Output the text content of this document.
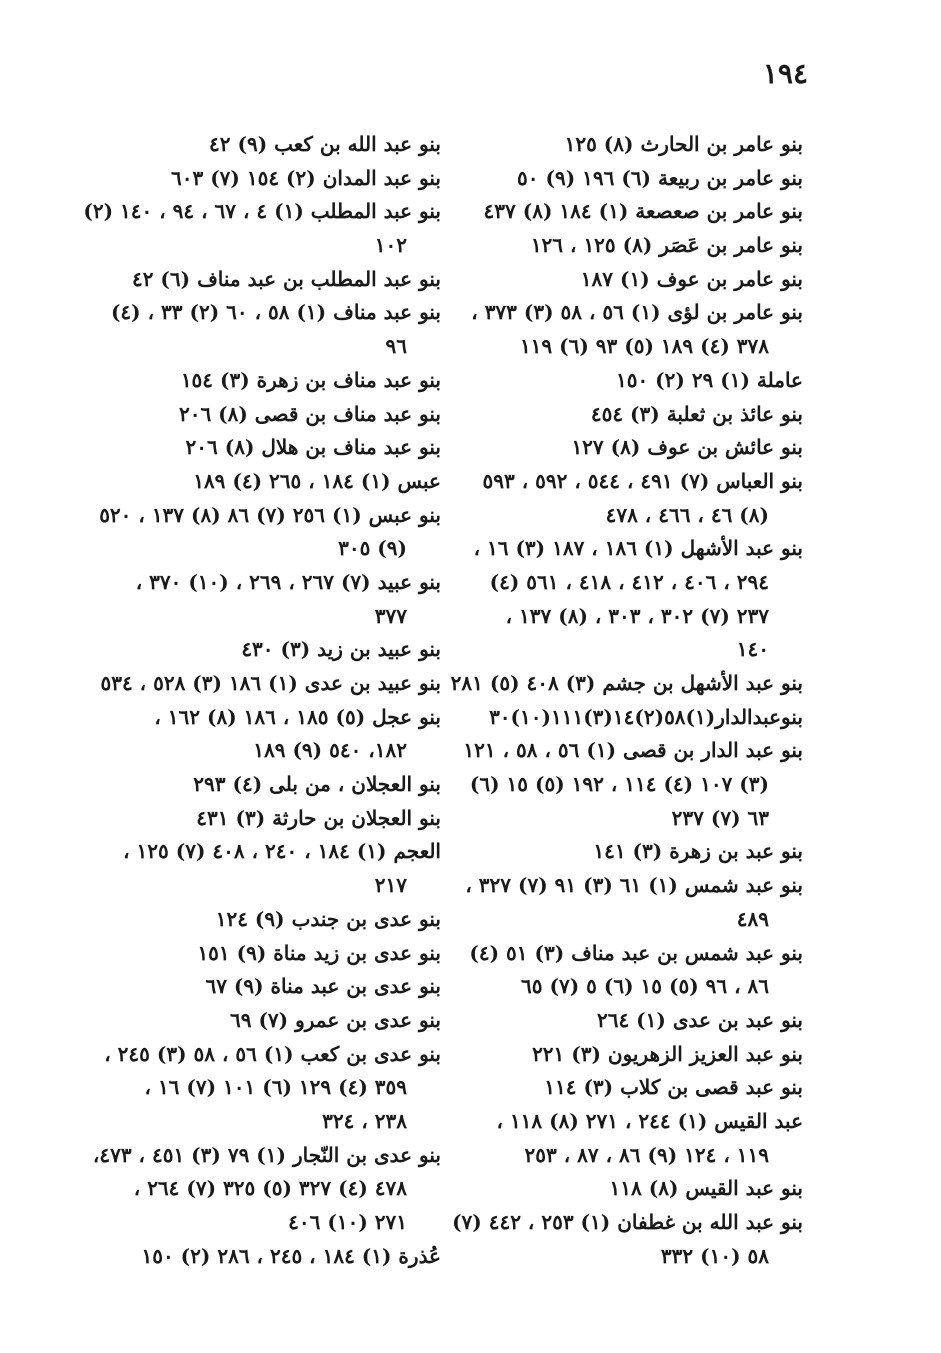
١٩٤
بنو عامر بن الحارث (٨) ١٢٥
بنو عامر بن ربيعة (٦) ١٩٦ (٩) ٥٠
بنو عامر بن صعصعة (١) ١٨٤ (٨) ٤٣٧
بنو عامر بن عَصَر (٨) ١٢٥ ، ١٢٦
بنو عامر بن عوف (١) ١٨٧
بنو عامر بن لؤى (١) ٥٦ ، ٥٨ (٣) ٣٧٣ ،
٣٧٨ (٤) ١٨٩ (٥) ٩٣ (٦) ١١٩
عاملة (١) ٢٩ (٢) ١٥٠
بنو عائذ بن ثعلبة (٣) ٤٥٤
بنو عائش بن عوف (٨) ١٢٧
بنو العباس (٧) ٤٩١ ، ٥٤٤ ، ٥٩٢ ، ٥٩٣
(٨) ٤٦ ، ٤٦٦ ، ٤٧٨
بنو عبد الأشهل (١) ١٨٦ ، ١٨٧ (٣) ١٦ ،
٢٩٤ ، ٤٠٦ ، ٤١٢ ، ٤١٨ ، ٥٦١ (٤)
٢٣٧ (٧) ٣٠٢ ، ٣٠٣ ، (٨) ١٣٧ ،
١٤٠
بنو عبد الأشهل بن جشم (٣) ٤٠٨ (٥) ٢٨١
بنوعبدالدار(١)٥٨(٢)١٤(٣)١١١(١٠)٣٠
بنو عبد الدار بن قصى (١) ٥٦ ، ٥٨ ، ١٢١
(٣) ١٠٧ (٤) ١١٤ ، ١٩٢ (٥) ١٥ (٦)
٦٣ (٧) ٢٣٧
بنو عبد بن زهرة (٣) ١٤١
بنو عبد شمس (١) ٦١ (٣) ٩١ (٧) ٣٢٧ ،
٤٨٩
بنو عبد شمس بن عبد مناف (٣) ٥١ (٤)
٨٦ ، ٩٦ (٥) ١٥ (٦) ٥ (٧) ٦٥
بنو عبد بن عدى (١) ٢٦٤
بنو عبد العزيز الزهريون (٣) ٢٢١
بنو عبد قصى بن كلاب (٣) ١١٤
عبد القيس (١) ٢٤٤ ، ٢٧١ (٨) ١١٨ ،
١١٩ ، ١٢٤ (٩) ٨٦ ، ٨٧ ، ٢٥٣
بنو عبد القيس (٨) ١١٨
بنو عبد الله بن غطفان (١) ٢٥٣ ، ٤٤٢ (٧)
٥٨ (١٠) ٣٣٢
بنو عبد الله بن كعب (٩) ٤٢
بنو عبد المدان (٢) ١٥٤ (٧) ٦٠٣
بنو عبد المطلب (١) ٤ ، ٦٧ ، ٩٤ ، ١٤٠ (٢)
١٠٢
بنو عبد المطلب بن عبد مناف (٦) ٤٢
بنو عبد مناف (١) ٥٨ ، ٦٠ (٢) ٣٣ ، (٤)
٩٦
بنو عبد مناف بن زهرة (٣) ١٥٤
بنو عبد مناف بن قصى (٨) ٢٠٦
بنو عبد مناف بن هلال (٨) ٢٠٦
عبس (١) ١٨٤ ، ٢٦٥ (٤) ١٨٩
بنو عبس (١) ٢٥٦ (٧) ٨٦ (٨) ١٣٧ ، ٥٢٠
(٩) ٣٠٥
بنو عبيد (٧) ٢٦٧ ، ٢٦٩ ، (١٠) ٣٧٠ ،
٣٧٧
بنو عبيد بن زيد (٣) ٤٣٠
بنو عبيد بن عدى (١) ١٨٦ (٣) ٥٢٨ ، ٥٣٤
بنو عجل (٥) ١٨٥ ، ١٨٦ (٨) ١٦٢ ،
١٨٢، ٥٤٠ (٩) ١٨٩
بنو العجلان ، من بلى (٤) ٢٩٣
بنو العجلان بن حارثة (٣) ٤٣١
العجم (١) ١٨٤ ، ٢٤٠ ، ٤٠٨ (٧) ١٢٥ ،
٢١٧
بنو عدى بن جندب (٩) ١٢٤
بنو عدى بن زيد مناة (٩) ١٥١
بنو عدى بن عبد مناة (٩) ٦٧
بنو عدى بن عمرو (٧) ٦٩
بنو عدى بن كعب (١) ٥٦ ، ٥٨ (٣) ٢٤٥ ،
٣٥٩ (٤) ١٢٩ (٦) ١٠١ (٧) ١٦ ،
٢٣٨ ، ٣٢٤
بنو عدى بن النّجار (١) ٧٩ (٣) ٤٥١ ، ٤٧٣،
٤٧٨ (٤) ٣٢٧ (٥) ٣٢٥ (٧) ٢٦٤ ،
٢٧١ (١٠) ٤٠٦
عُذرة (١) ١٨٤ ، ٢٤٥ ، ٢٨٦ (٢) ١٥٠
